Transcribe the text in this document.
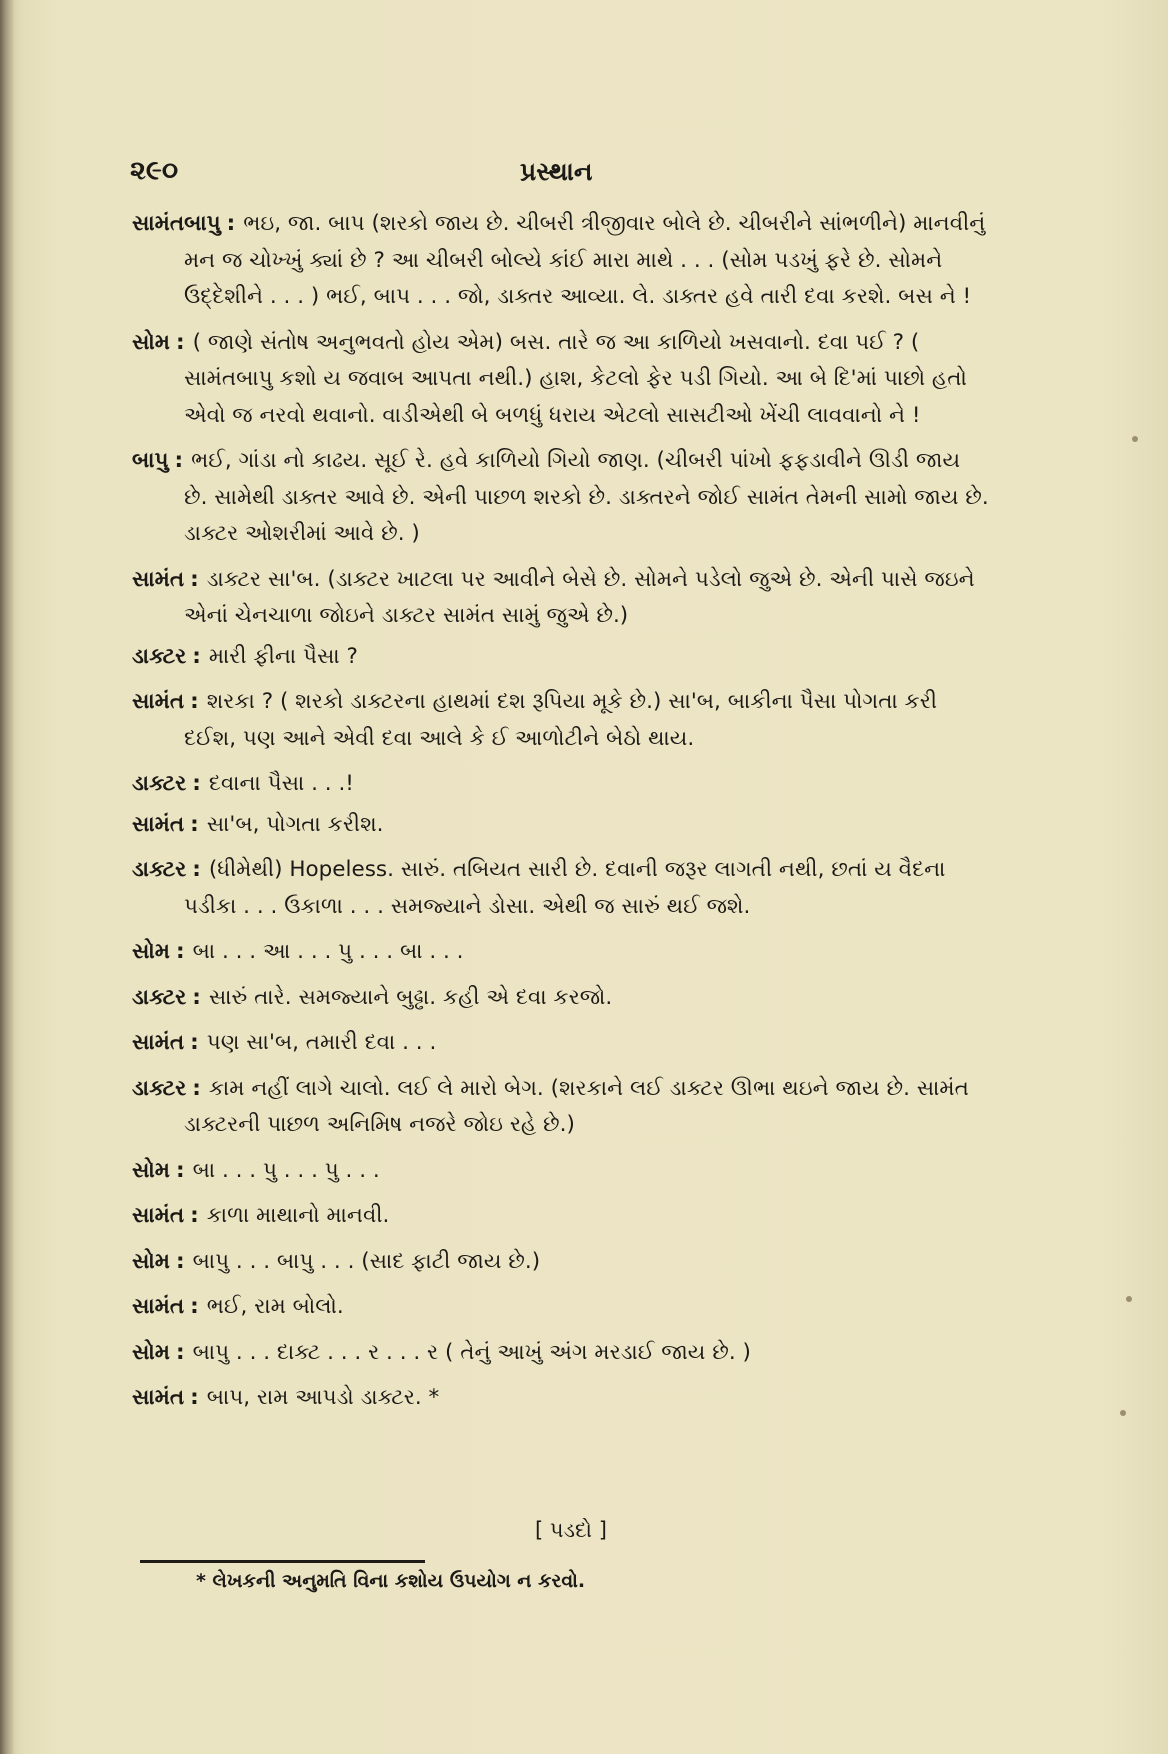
૨૯૦	પ્રસ્થાન

સામંતબાપુ : ભઇ, જા. બાપ (શરકો જાય છે. ચીબરી ત્રીજીવાર બોલે છે. ચીબરીને સાંભળીને) માનવીનું મન જ ચોખ્ખું ક્યાં છે ? આ ચીબરી બોલ્યે કાંઈ મારા માથે . . . (સોમ પડખું ફરે છે. સોમને ઉદ્દેશીને . . . ) ભઈ, બાપ . . . જો, ડાક્તર આવ્યા. લે. ડાક્તર હવે તારી દવા કરશે. બસ ને !

સોમ : ( જાણે સંતોષ અનુભવતો હોય એમ) બસ. તારે જ આ કાળિયો ખસવાનો. દવા પઈ ? ( સામંતબાપુ કશો ય જવાબ આપતા નથી.) હાશ, કેટલો ફેર પડી ગિયો. આ બે દિ'માં પાછો હતો એવો જ નરવો થવાનો. વાડીએથી બે બળધું ધરાય એટલો સાસટીઓ ખેંચી લાવવાનો ને !

બાપુ : ભઈ, ગાંડા નો કાઢય. સૂઈ રે. હવે કાળિયો ગિયો જાણ. (ચીબરી પાંખો ફફડાવીને ઊડી જાય છે. સામેથી ડાક્તર આવે છે. એની પાછળ શરકો છે. ડાક્તરને જોઈ સામંત તેમની સામો જાય છે. ડાક્ટર ઓશરીમાં આવે છે. )

સામંત : ડાક્ટર સા'બ. (ડાક્ટર ખાટલા પર આવીને બેસે છે. સોમને પડેલો જુએ છે. એની પાસે જઇને એનાં ચેનચાળા જોઇને ડાક્ટર સામંત સામું જુએ છે.)

ડાક્ટર : મારી ફીના પૈસા ?

સામંત : શરકા ? ( શરકો ડાક્ટરના હાથમાં દશ રૂપિયા મૂકે છે.) સા'બ, બાકીના પૈસા પોગતા કરી દઈશ, પણ આને એવી દવા આલે કે ઈ આળોટીને બેઠો થાય.

ડાક્ટર : દવાના પૈસા . . .!

સામંત : સા'બ, પોગતા કરીશ.

ડાક્ટર : (ધીમેથી) Hopeless. સારું. તબિયત સારી છે. દવાની જરૂર લાગતી નથી, છતાં ય વૈદના પડીકા . . . ઉકાળા . . . સમજ્યાને ડોસા. એથી જ સારું થઈ જશે.

સોમ : બા . . . આ . . . પુ . . . બા . . .

ડાક્ટર : સારું તારે. સમજ્યાને બુઢ્ઢા. કહી એ દવા કરજો.

સામંત : પણ સા'બ, તમારી દવા . . .

ડાક્ટર : કામ નહીં લાગે ચાલો. લઈ લે મારો બેગ. (શરકાને લઈ ડાક્ટર ઊભા થઇને જાય છે. સામંત ડાક્ટરની પાછળ અનિમિષ નજરે જોઇ રહે છે.)

સોમ : બા . . . પુ . . . પુ . . .

સામંત : કાળા માથાનો માનવી.

સોમ : બાપુ . . . બાપુ . . . (સાદ ફાટી જાય છે.)

સામંત : ભઈ, રામ બોલો.

સોમ : બાપુ . . . દાક્ટ . . . ર . . . ર ( તેનું આખું અંગ મરડાઈ જાય છે. )

સામંત : બાપ, રામ આપડો ડાક્ટર. *

[ પડદો ]
* લેખકની અનુમતિ વિના કશોય ઉપયોગ ન કરવો.
